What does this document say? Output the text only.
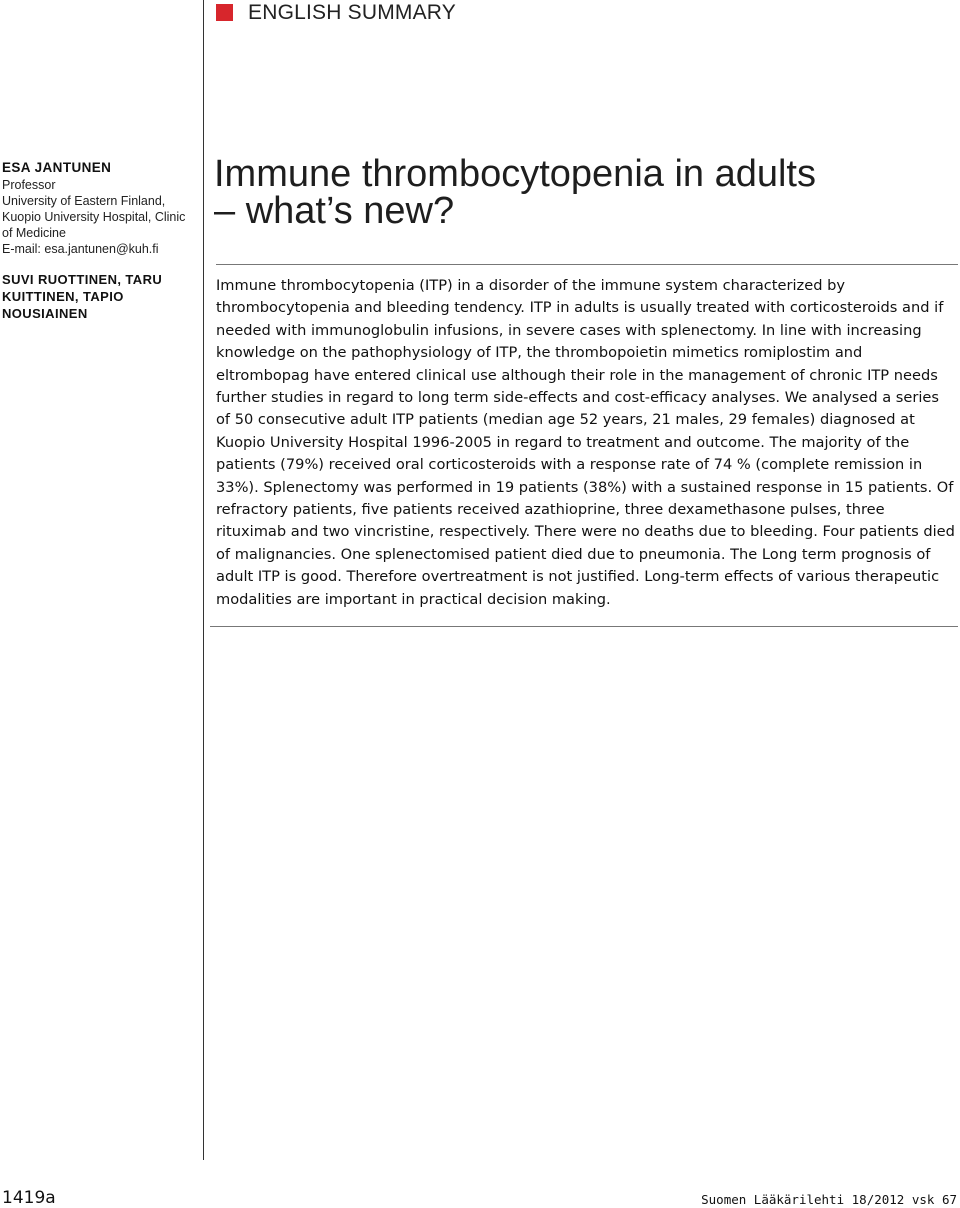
ENGLISH SUMMARY
ESA JANTUNEN
Professor
University of Eastern Finland,
Kuopio University Hospital, Clinic
of Medicine
E-mail: esa.jantunen@kuh.fi
SUVI RUOTTINEN, TARU KUITTINEN, TAPIO NOUSIAINEN
Immune thrombocytopenia in adults
– what’s new?

Immune thrombocytopenia (ITP) in a disorder of the immune system characterized by thrombocytopenia and bleeding tendency. ITP in adults is usually treated with corticosteroids and if needed with immunoglobulin infusions, in severe cases with splenectomy. In line with increasing knowledge on the pathophysiology of ITP, the thrombopoietin mimetics romiplostim and eltrombopag have entered clinical use although their role in the management of chronic ITP needs further studies in regard to long term side-effects and cost-efficacy analyses. We analysed a series of 50 consecutive adult ITP patients (median age 52 years, 21 males, 29 females) diagnosed at Kuopio University Hospital 1996-2005 in regard to treatment and outcome. The majority of the patients (79%) received oral corticosteroids with a response rate of 74 % (complete remission in 33%). Splenectomy was performed in 19 patients (38%) with a sustained response in 15 patients. Of refractory patients, five patients received azathioprine, three dexamethasone pulses, three rituximab and two vincristine, respectively. There were no deaths due to bleeding. Four patients died of malignancies. One splenectomised patient died due to pneumonia. The Long term prognosis of adult ITP is good. Therefore overtreatment is not justified. Long-term effects of various therapeutic modalities are important in practical decision making.

1419a	Suomen Lääkärilehti 18/2012 vsk 67
